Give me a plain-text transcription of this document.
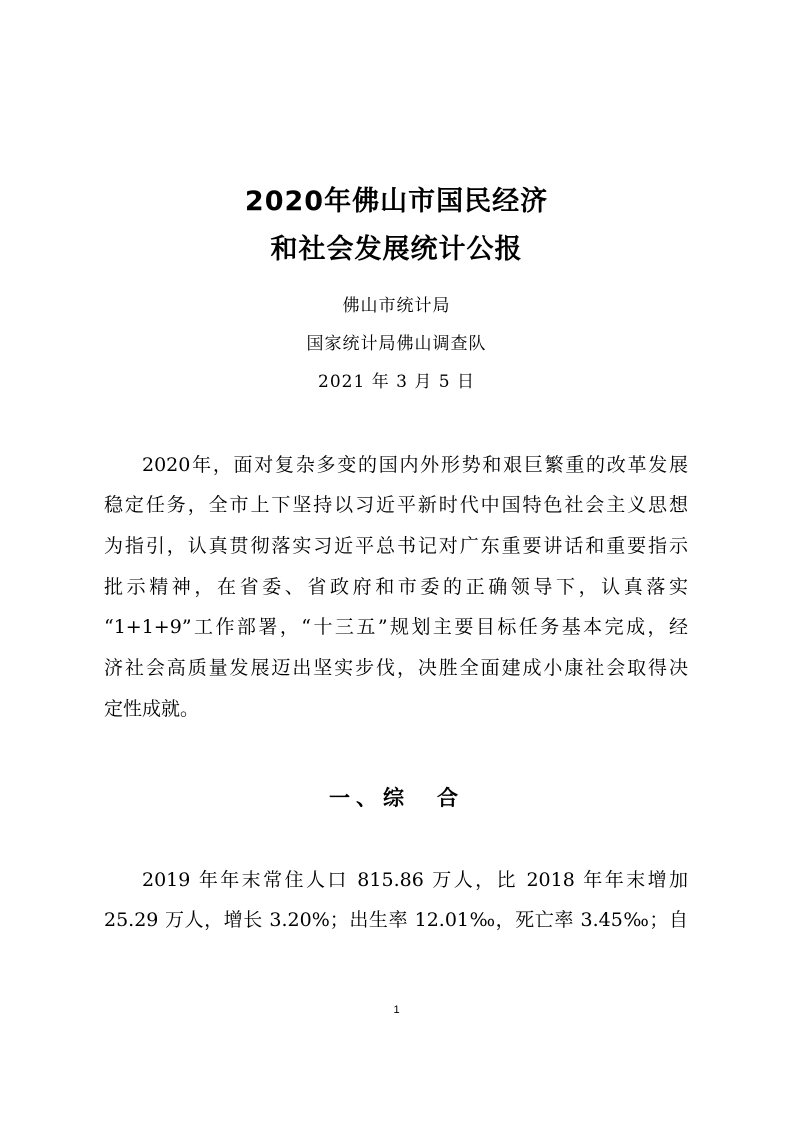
2020年佛山市国民经济
和社会发展统计公报
佛山市统计局
国家统计局佛山调查队
2021 年 3 月 5 日
2020年，面对复杂多变的国内外形势和艰巨繁重的改革发展
稳定任务，全市上下坚持以习近平新时代中国特色社会主义思想
为指引，认真贯彻落实习近平总书记对广东重要讲话和重要指示
批示精神，在省委、省政府和市委的正确领导下，认真落实
“1+1+9”工作部署，“十三五”规划主要目标任务基本完成，经
济社会高质量发展迈出坚实步伐，决胜全面建成小康社会取得决
定性成就。
一、综　合
2019 年年末常住人口 815.86 万人，比 2018 年年末增加
25.29 万人，增长 3.20%；出生率 12.01‰，死亡率 3.45‰；自
1
